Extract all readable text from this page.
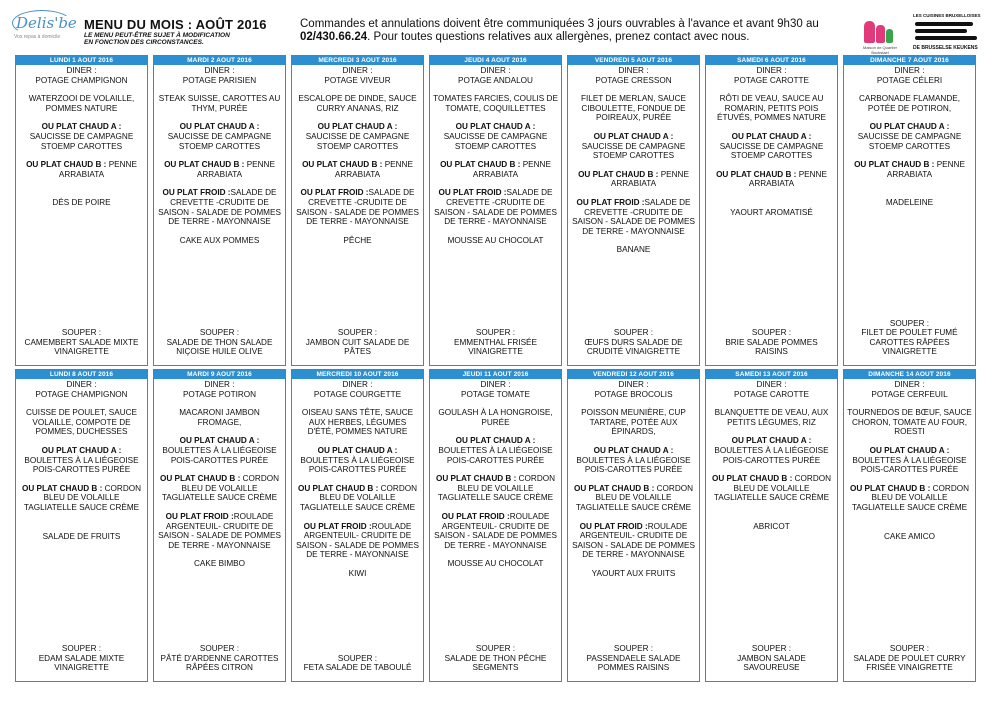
Delis'be
Vos repas à domicile
MENU DU MOIS : AOÛT 2016
LE MENU PEUT-ÊTRE SUJET À MODIFICATION
EN FONCTION DES CIRCONSTANCES.
Commandes et annulations doivent être communiquées 3 jours ouvrables à l'avance et avant 9h30 au 02/430.66.24. Pour toutes questions relatives aux allergènes, prenez contact avec nous.
Maison de Quartier Bockstael
LES CUISINES BRUXELLOISES
DE BRUSSELSE KEUKENS
LUNDI 1 AOUT 2016
DINER :
POTAGE CHAMPIGNON
WATERZOOI DE VOLAILLE, POMMES NATURE
OU PLAT CHAUD A :
SAUCISSE DE CAMPAGNE STOEMP CAROTTES
OU PLAT CHAUD B : PENNE ARRABIATA
DÉS DE POIRE
SOUPER :
CAMEMBERT SALADE MIXTE VINAIGRETTE
MARDI 2 AOUT 2016
DINER :
POTAGE PARISIEN
STEAK SUISSE, CAROTTES AU THYM, PURÉE
OU PLAT CHAUD A :
SAUCISSE DE CAMPAGNE STOEMP CAROTTES
OU PLAT CHAUD B : PENNE ARRABIATA
OU PLAT FROID :SALADE DE CREVETTE -CRUDITE DE SAISON - SALADE DE POMMES DE TERRE - MAYONNAISE
CAKE AUX POMMES
SOUPER :
SALADE DE THON SALADE NIÇOISE HUILE OLIVE
MERCREDI 3 AOUT 2016
DINER :
POTAGE VIVEUR
ESCALOPE DE DINDE, SAUCE CURRY ANANAS, RIZ
OU PLAT CHAUD A :
SAUCISSE DE CAMPAGNE STOEMP CAROTTES
OU PLAT CHAUD B : PENNE ARRABIATA
OU PLAT FROID :SALADE DE CREVETTE -CRUDITE DE SAISON - SALADE DE POMMES DE TERRE - MAYONNAISE
PÊCHE
SOUPER :
JAMBON CUIT SALADE DE PÂTES
JEUDI 4 AOUT 2016
DINER :
POTAGE ANDALOU
TOMATES FARCIES, COULIS DE TOMATE, COQUILLETTES
OU PLAT CHAUD A :
SAUCISSE DE CAMPAGNE STOEMP CAROTTES
OU PLAT CHAUD B : PENNE ARRABIATA
OU PLAT FROID :SALADE DE CREVETTE -CRUDITE DE SAISON - SALADE DE POMMES DE TERRE - MAYONNAISE
MOUSSE AU CHOCOLAT
SOUPER :
EMMENTHAL FRISÉE VINAIGRETTE
VENDREDI 5 AOUT 2016
DINER :
POTAGE CRESSON
FILET DE MERLAN, SAUCE CIBOULETTE, FONDUE DE POIREAUX, PURÉE
OU PLAT CHAUD A :
SAUCISSE DE CAMPAGNE STOEMP CAROTTES
OU PLAT CHAUD B : PENNE ARRABIATA
OU PLAT FROID :SALADE DE CREVETTE -CRUDITE DE SAISON - SALADE DE POMMES DE TERRE - MAYONNAISE
BANANE
SOUPER :
ŒUFS DURS SALADE DE CRUDITÉ VINAIGRETTE
SAMEDI 6 AOUT 2016
DINER :
POTAGE CAROTTE
RÔTI DE VEAU, SAUCE AU ROMARIN, PETITS POIS ÉTUVÉS, POMMES NATURE
OU PLAT CHAUD A :
SAUCISSE DE CAMPAGNE STOEMP CAROTTES
OU PLAT CHAUD B : PENNE ARRABIATA
YAOURT AROMATISÉ
SOUPER :
BRIE SALADE POMMES RAISINS
DIMANCHE 7 AOUT 2016
DINER :
POTAGE CÉLERI
CARBONADE FLAMANDE, POTÉE DE POTIRON,
OU PLAT CHAUD A :
SAUCISSE DE CAMPAGNE STOEMP CAROTTES
OU PLAT CHAUD B : PENNE ARRABIATA
MADELEINE
SOUPER :
FILET DE POULET FUMÉ CAROTTES RÂPÉES VINAIGRETTE
LUNDI 8 AOUT 2016
DINER :
POTAGE CHAMPIGNON
CUISSE DE POULET, SAUCE VOLAILLE, COMPOTE DE POMMES, DUCHESSES
OU PLAT CHAUD A :
BOULETTES À LA LIÉGEOISE POIS-CAROTTES PURÉE
OU PLAT CHAUD B : CORDON BLEU DE VOLAILLE TAGLIATELLE SAUCE CRÈME
SALADE DE FRUITS
SOUPER :
EDAM SALADE MIXTE VINAIGRETTE
MARDI 9 AOUT 2016
DINER :
POTAGE POTIRON
MACARONI JAMBON FROMAGE,
OU PLAT CHAUD A :
BOULETTES À LA LIÉGEOISE POIS-CAROTTES PURÉE
OU PLAT CHAUD B : CORDON BLEU DE VOLAILLE TAGLIATELLE SAUCE CRÈME
OU PLAT FROID :ROULADE ARGENTEUIL- CRUDITE DE SAISON - SALADE DE POMMES DE TERRE - MAYONNAISE
CAKE BIMBO
SOUPER :
PÂTÉ D'ARDENNE CAROTTES RÂPÉES CITRON
MERCREDI 10 AOUT 2016
DINER :
POTAGE COURGETTE
OISEAU SANS TÊTE, SAUCE AUX HERBES, LÉGUMES D'ÉTÉ, POMMES NATURE
OU PLAT CHAUD A :
BOULETTES À LA LIÉGEOISE POIS-CAROTTES PURÉE
OU PLAT CHAUD B : CORDON BLEU DE VOLAILLE TAGLIATELLE SAUCE CRÈME
OU PLAT FROID :ROULADE ARGENTEUIL- CRUDITE DE SAISON - SALADE DE POMMES DE TERRE - MAYONNAISE
KIWI
SOUPER :
FETA SALADE DE TABOULÉ
JEUDI 11 AOUT 2016
DINER :
POTAGE TOMATE
GOULASH À LA HONGROISE, PURÉE
OU PLAT CHAUD A :
BOULETTES À LA LIÉGEOISE POIS-CAROTTES PURÉE
OU PLAT CHAUD B : CORDON BLEU DE VOLAILLE TAGLIATELLE SAUCE CRÈME
OU PLAT FROID :ROULADE ARGENTEUIL- CRUDITE DE SAISON - SALADE DE POMMES DE TERRE - MAYONNAISE
MOUSSE AU CHOCOLAT
SOUPER :
SALADE DE THON PÊCHE SEGMENTS
VENDREDI 12 AOUT 2016
DINER :
POTAGE BROCOLIS
POISSON MEUNIÈRE, CUP TARTARE, POTÉE AUX ÉPINARDS,
OU PLAT CHAUD A :
BOULETTES À LA LIÉGEOISE POIS-CAROTTES PURÉE
OU PLAT CHAUD B : CORDON BLEU DE VOLAILLE TAGLIATELLE SAUCE CRÈME
OU PLAT FROID :ROULADE ARGENTEUIL- CRUDITE DE SAISON - SALADE DE POMMES DE TERRE - MAYONNAISE
YAOURT AUX FRUITS
SOUPER :
PASSENDAELE SALADE POMMES RAISINS
SAMEDI 13 AOUT 2016
DINER :
POTAGE CAROTTE
BLANQUETTE DE VEAU, AUX PETITS LÉGUMES, RIZ
OU PLAT CHAUD A :
BOULETTES À LA LIÉGEOISE POIS-CAROTTES PURÉE
OU PLAT CHAUD B : CORDON BLEU DE VOLAILLE TAGLIATELLE SAUCE CRÈME
ABRICOT
SOUPER :
JAMBON SALADE SAVOUREUSE
DIMANCHE 14 AOUT 2016
DINER :
POTAGE CERFEUIL
TOURNEDOS DE BŒUF, SAUCE CHORON, TOMATE AU FOUR, ROESTI
OU PLAT CHAUD A :
BOULETTES À LA LIÉGEOISE POIS-CAROTTES PURÉE
OU PLAT CHAUD B : CORDON BLEU DE VOLAILLE TAGLIATELLE SAUCE CRÈME
CAKE AMICO
SOUPER :
SALADE DE POULET CURRY FRISÉE VINAIGRETTE
